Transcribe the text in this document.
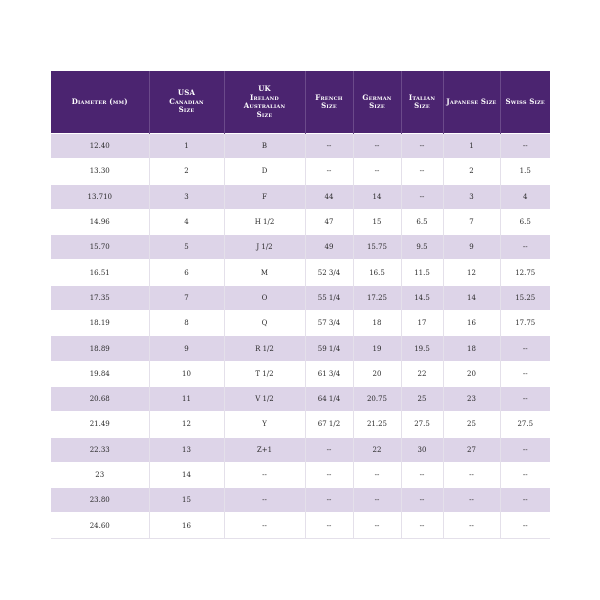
Diameter (mm)	USA
Canadian
Size	UK
Ireland
Australian
Size	French
Size	German
Size	Italian
Size	Japanese Size	Swiss Size
12.40	1	B	--	--	--	1	--
13.30	2	D	--	--	--	2	1.5
13.710	3	F	44	14	--	3	4
14.96	4	H 1/2	47	15	6.5	7	6.5
15.70	5	J 1/2	49	15.75	9.5	9	--
16.51	6	M	52 3/4	16.5	11.5	12	12.75
17.35	7	O	55 1/4	17.25	14.5	14	15.25
18.19	8	Q	57 3/4	18	17	16	17.75
18.89	9	R 1/2	59 1/4	19	19.5	18	--
19.84	10	T 1/2	61 3/4	20	22	20	--
20.68	11	V 1/2	64 1/4	20.75	25	23	--
21.49	12	Y	67 1/2	21.25	27.5	25	27.5
22.33	13	Z+1	--	22	30	27	--
23	14	--	--	--	--	--	--
23.80	15	--	--	--	--	--	--
24.60	16	--	--	--	--	--	--
